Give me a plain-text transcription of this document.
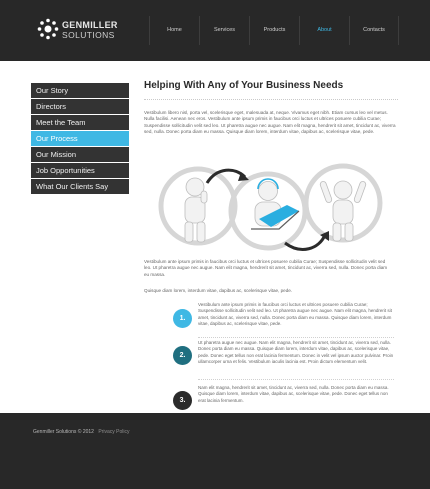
GENMILLER
SOLUTIONS	Home	Services	Products	About	Contacts
Our Story
Directors
Meet the Team
Our Process
Our Mission
Job Opportunities
What Our Clients Say
Helping With Any of Your Business Needs
Vestibulum libero nisl, porta vel, scelerisque eget, malesuada at, neque. Vivamus eget nibh. Etiam cursus leo vel metus. Nulla facilisi. Aenean nec eros. Vestibulum ante ipsum primis in faucibus orci luctus et ultrices posuere cubilia Curae; Suspendisse sollicitudin velit sed leo. Ut pharetra augue nec augue. Nam elit magna, hendrerit sit amet, tincidunt ac, viverra sed, nulla. Donec porta diam eu massa. Quisque diam lorem, interdum vitae, dapibus ac, scelerisque vitae, pede.
Vestibulum ante ipsum primis in faucibus orci luctus et ultrices posuere cubilia Curae; Suspendisse sollicitudin velit sed leo. Ut pharetra augue nec augue. Nam elit magna, hendrerit sit amet, tincidunt ac, viverra sed, nulla. Donec porta diam eu massa.
Quisque diam lorem, interdum vitae, dapibus ac, scelerisque vitae, pede.
1.
Vestibulum ante ipsum primis in faucibus orci luctus et ultrices posuere cubilia Curae; Suspendisse sollicitudin velit sed leo. Ut pharetra augue nec augue. Nam elit magna, hendrerit sit amet, tincidunt ac, viverra sed, nulla. Donec porta diam eu massa. Quisque diam lorem, interdum vitae, dapibus ac, scelerisque vitae, pede.
2.
Ut pharetra augue nec augue. Nam elit magna, hendrerit sit amet, tincidunt ac, viverra sed, nulla. Donec porta diam eu massa. Quisque diam lorem, interdum vitae, dapibus ac, scelerisque vitae, pede. Donec eget tellus non erat lacinia fermentum. Donec in velit vel ipsum auctor pulvinar. Proin ullamcorper urna et felis. Vestibulum iaculis lacinia est. Proin dictum elementum velit.
3.
Nam elit magna, hendrerit sit amet, tincidunt ac, viverra sed, nulla. Donec porta diam eu massa. Quisque diam lorem, interdum vitae, dapibus ac, scelerisque vitae, pede. Donec eget tellus non erat lacinia fermentum.
Genmiller Solutions © 2012 Privacy Policy
